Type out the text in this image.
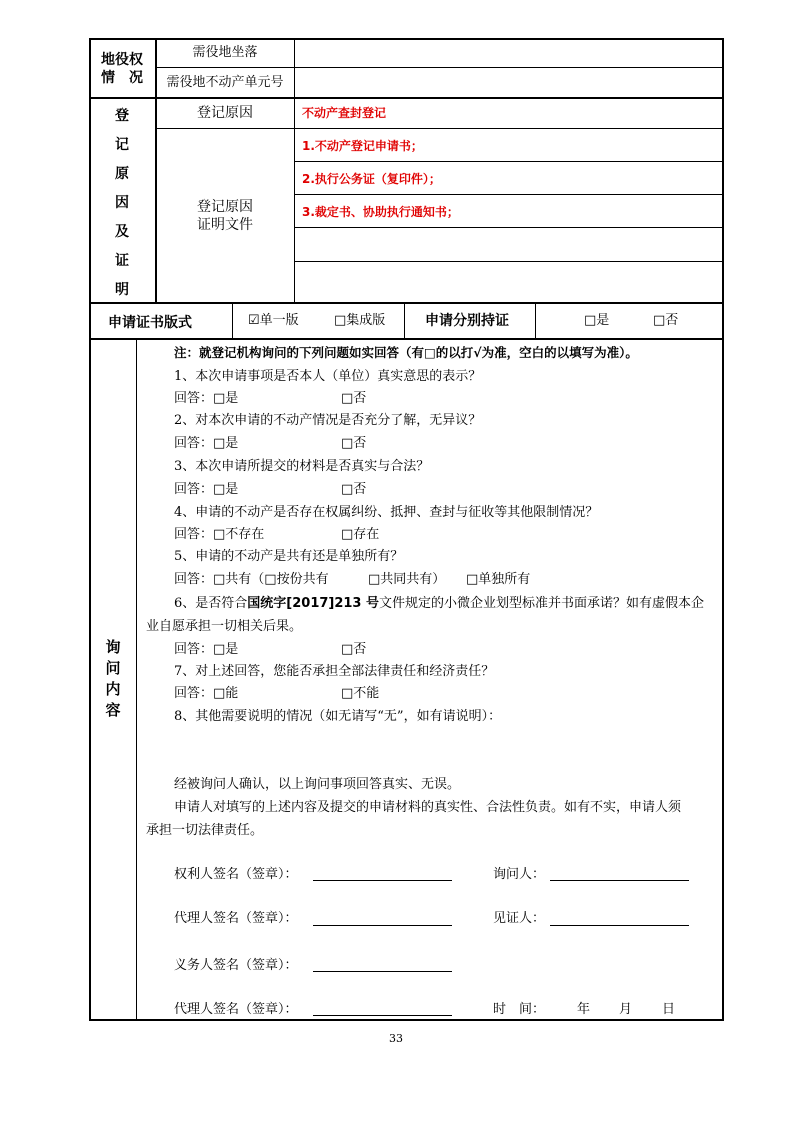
地役权
情　况
需役地坐落
需役地不动产单元号
登
记
原
因
及
证
明
登记原因	不动产查封登记
登记原因
证明文件
1.不动产登记申请书；
2.执行公务证（复印件）；
3.裁定书、协助执行通知书；
申请证书版式	☑单一版	□集成版	申请分别持证	□是	□否
询
问
内
容
注：就登记机构询问的下列问题如实回答（有□的以打√为准，空白的以填写为准）。
1、本次申请事项是否本人（单位）真实意思的表示？
回答：□是	□否
2、对本次申请的不动产情况是否充分了解，无异议？
回答：□是	□否
3、本次申请所提交的材料是否真实与合法？
回答：□是	□否
4、申请的不动产是否存在权属纠纷、抵押、查封与征收等其他限制情况？
回答：□不存在	□存在
5、申请的不动产是共有还是单独所有？
回答：□共有（□按份共有	□共同共有） □单独所有
6、是否符合国统字[2017]213 号文件规定的小微企业划型标准并书面承诺？如有虚假本企
业自愿承担一切相关后果。
回答：□是	□否
7、对上述回答，您能否承担全部法律责任和经济责任？
回答：□能	□不能
8、其他需要说明的情况（如无请写“无”，如有请说明）：
经被询问人确认，以上询问事项回答真实、无误。
申请人对填写的上述内容及提交的申请材料的真实性、合法性负责。如有不实，申请人须
承担一切法律责任。
权利人签名（签章）：	询问人：
代理人签名（签章）：	见证人：
义务人签名（签章）：
代理人签名（签章）：	时　间： 年 月 日
33
